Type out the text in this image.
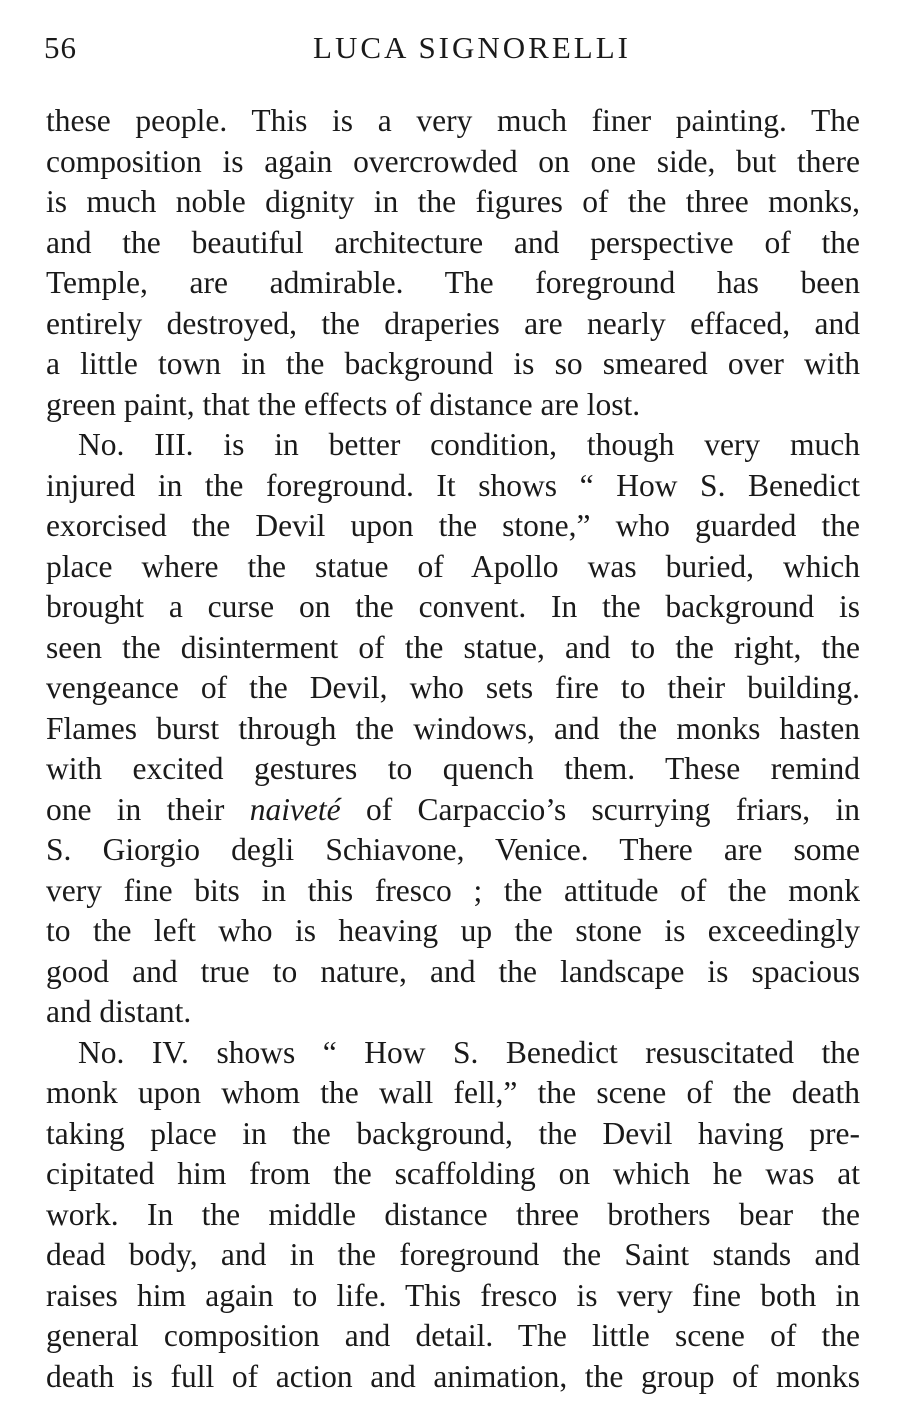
56	LUCA SIGNORELLI
these people. This is a very much finer painting. The
composition is again overcrowded on one side, but there
is much noble dignity in the figures of the three monks,
and the beautiful architecture and perspective of the
Temple, are admirable. The foreground has been
entirely destroyed, the draperies are nearly effaced, and
a little town in the background is so smeared over with
green paint, that the effects of distance are lost.
No. III. is in better condition, though very much
injured in the foreground. It shows “ How S. Benedict
exorcised the Devil upon the stone,” who guarded the
place where the statue of Apollo was buried, which
brought a curse on the convent. In the background is
seen the disinterment of the statue, and to the right, the
vengeance of the Devil, who sets fire to their building.
Flames burst through the windows, and the monks hasten
with excited gestures to quench them. These remind
one in their naiveté of Carpaccio’s scurrying friars, in
S. Giorgio degli Schiavone, Venice. There are some
very fine bits in this fresco ; the attitude of the monk
to the left who is heaving up the stone is exceedingly
good and true to nature, and the landscape is spacious
and distant.
No. IV. shows “ How S. Benedict resuscitated the
monk upon whom the wall fell,” the scene of the death
taking place in the background, the Devil having pre-
cipitated him from the scaffolding on which he was at
work. In the middle distance three brothers bear the
dead body, and in the foreground the Saint stands and
raises him again to life. This fresco is very fine both in
general composition and detail. The little scene of the
death is full of action and animation, the group of monks
